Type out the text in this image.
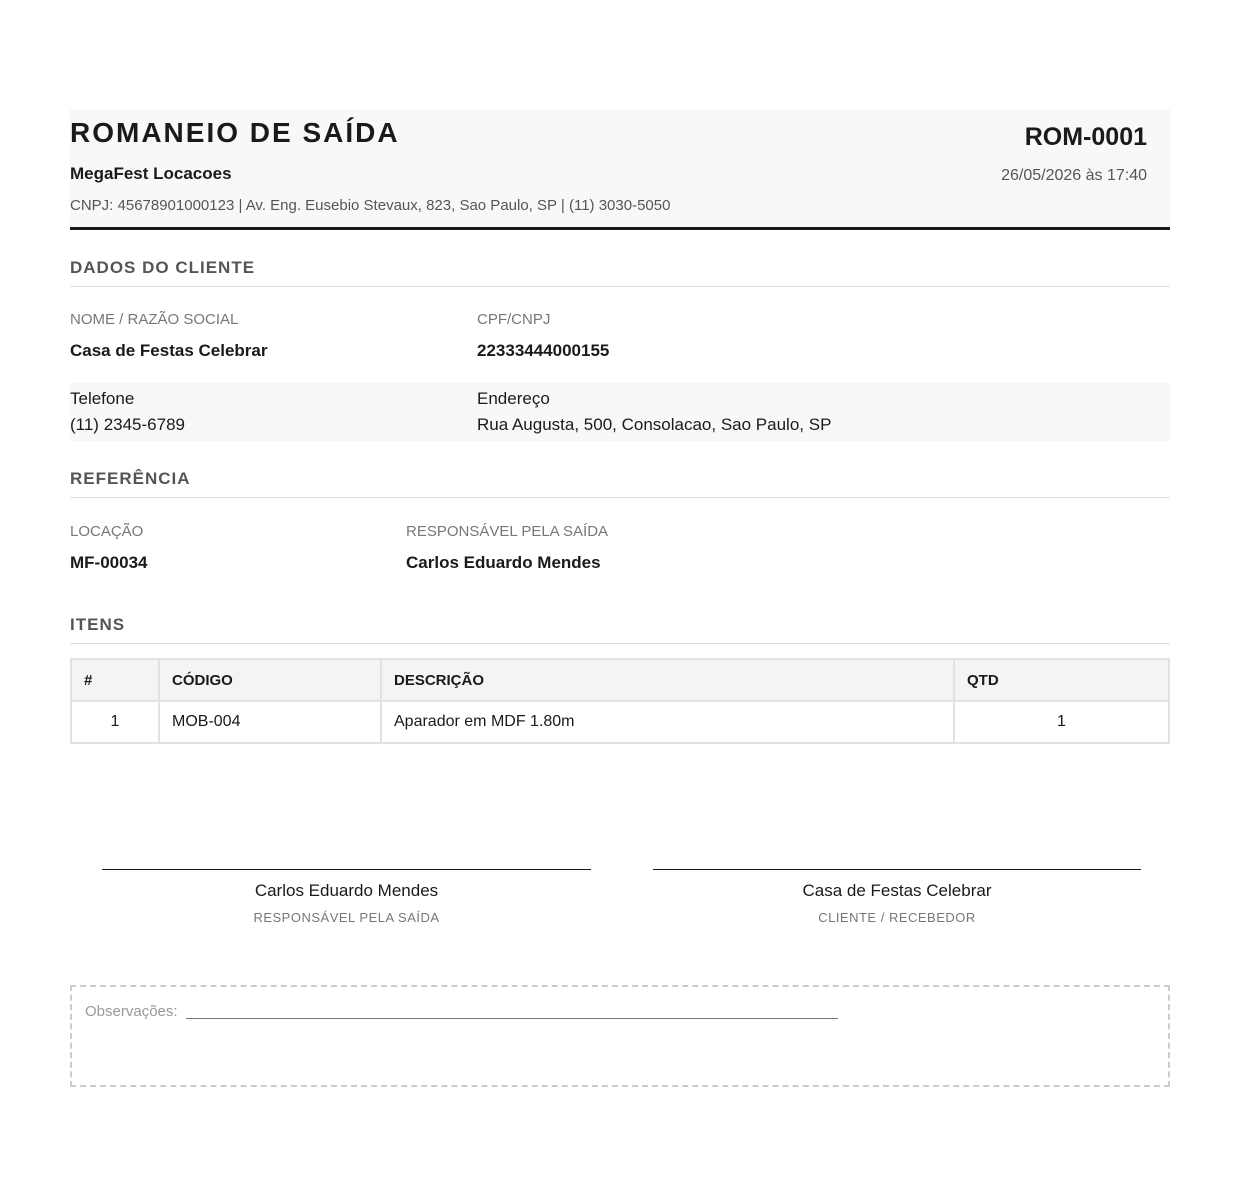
ROMANEIO DE SAÍDA
MegaFest Locacoes
CNPJ: 45678901000123 | Av. Eng. Eusebio Stevaux, 823, Sao Paulo, SP | (11) 3030-5050
ROM-0001
26/05/2026 às 17:40
DADOS DO CLIENTE
NOME / RAZÃO SOCIAL
Casa de Festas Celebrar
CPF/CNPJ
22333444000155
Telefone
(11) 2345-6789
Endereço
Rua Augusta, 500, Consolacao, Sao Paulo, SP
REFERÊNCIA
LOCAÇÃO
MF-00034
RESPONSÁVEL PELA SAÍDA
Carlos Eduardo Mendes
ITENS
#	CÓDIGO	DESCRIÇÃO	QTD
1	MOB-004	Aparador em MDF 1.80m	1
Carlos Eduardo Mendes
RESPONSÁVEL PELA SAÍDA
Casa de Festas Celebrar
CLIENTE / RECEBEDOR
Observações:
